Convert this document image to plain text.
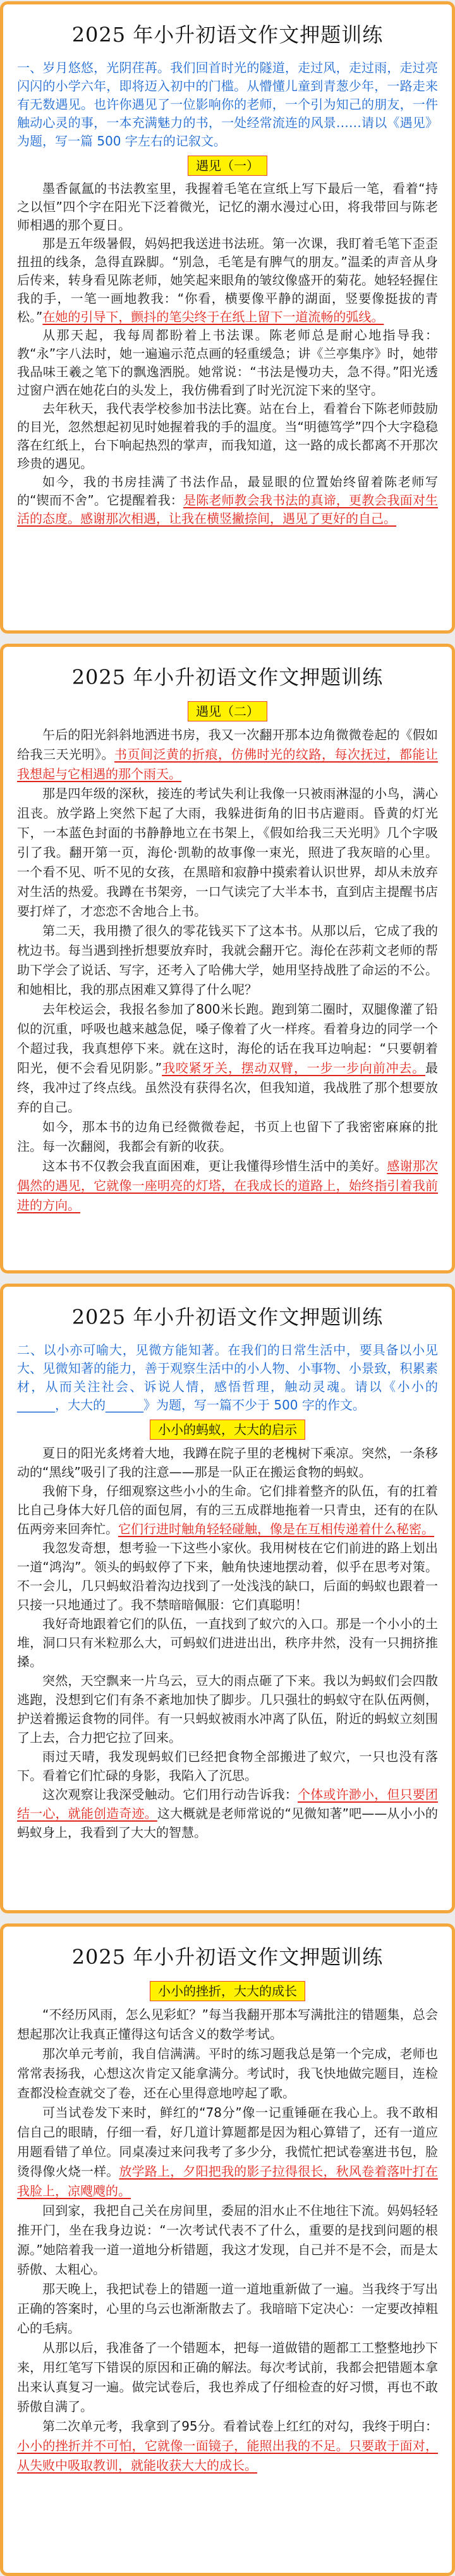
2025 年小升初语文作文押题训练

一、岁月悠悠，光阴荏苒。我们回首时光的隧道，走过风，走过雨，走过亮闪闪的小学六年，即将迈入初中的门槛。从懵懂儿童到青葱少年，一路走来有无数遇见。也许你遇见了一位影响你的老师，一个引为知己的朋友，一件触动心灵的事，一本充满魅力的书，一处经常流连的风景……请以《遇见》为题，写一篇 500 字左右的记叙文。

遇见（一）

墨香氤氲的书法教室里，我握着毛笔在宣纸上写下最后一笔，看着“持之以恒”四个字在阳光下泛着微光，记忆的潮水漫过心田，将我带回与陈老师相遇的那个夏日。

那是五年级暑假，妈妈把我送进书法班。第一次课，我盯着毛笔下歪歪扭扭的线条，急得直跺脚。“别急，毛笔是有脾气的朋友。”温柔的声音从身后传来，转身看见陈老师，她笑起来眼角的皱纹像盛开的菊花。她轻轻握住我的手，一笔一画地教我：“你看，横要像平静的湖面，竖要像挺拔的青松。”在她的引导下，颤抖的笔尖终于在纸上留下一道流畅的弧线。

从那天起，我每周都盼着上书法课。陈老师总是耐心地指导我：教“永”字八法时，她一遍遍示范点画的轻重缓急；讲《兰亭集序》时，她带我品味王羲之笔下的飘逸洒脱。她常说：“书法是慢功夫，急不得。”阳光透过窗户洒在她花白的头发上，我仿佛看到了时光沉淀下来的坚守。

去年秋天，我代表学校参加书法比赛。站在台上，看着台下陈老师鼓励的目光，忽然想起初见时她握着我的手的温度。当“明德笃学”四个大字稳稳落在红纸上，台下响起热烈的掌声，而我知道，这一路的成长都离不开那次珍贵的遇见。

如今，我的书房挂满了书法作品，最显眼的位置始终留着陈老师写的“锲而不舍”。它提醒着我：是陈老师教会我书法的真谛，更教会我面对生活的态度。感谢那次相遇，让我在横竖撇捺间，遇见了更好的自己。

2025 年小升初语文作文押题训练
遇见（二）

午后的阳光斜斜地洒进书房，我又一次翻开那本边角微微卷起的《假如给我三天光明》。书页间泛黄的折痕，仿佛时光的纹路，每次抚过，都能让我想起与它相遇的那个雨天。

那是四年级的深秋，接连的考试失利让我像一只被雨淋湿的小鸟，满心沮丧。放学路上突然下起了大雨，我躲进街角的旧书店避雨。昏黄的灯光下，一本蓝色封面的书静静地立在书架上，《假如给我三天光明》几个字吸引了我。翻开第一页，海伦·凯勒的故事像一束光，照进了我灰暗的心里。一个看不见、听不见的女孩，在黑暗和寂静中摸索着认识世界，却从未放弃对生活的热爱。我蹲在书架旁，一口气读完了大半本书，直到店主提醒书店要打烊了，才恋恋不舍地合上书。

第二天，我用攒了很久的零花钱买下了这本书。从那以后，它成了我的枕边书。每当遇到挫折想要放弃时，我就会翻开它。海伦在莎莉文老师的帮助下学会了说话、写字，还考入了哈佛大学，她用坚持战胜了命运的不公。和她相比，我的那点困难又算得了什么呢？

去年校运会，我报名参加了800米长跑。跑到第二圈时，双腿像灌了铅似的沉重，呼吸也越来越急促，嗓子像着了火一样疼。看着身边的同学一个个超过我，我真想停下来。就在这时，海伦的话在我耳边响起：“只要朝着阳光，便不会看见阴影。”我咬紧牙关，摆动双臂，一步一步向前冲去。最终，我冲过了终点线。虽然没有获得名次，但我知道，我战胜了那个想要放弃的自己。

如今，那本书的边角已经微微卷起，书页上也留下了我密密麻麻的批注。每一次翻阅，我都会有新的收获。

这本书不仅教会我直面困难，更让我懂得珍惜生活中的美好。感谢那次偶然的遇见，它就像一座明亮的灯塔，在我成长的道路上，始终指引着我前进的方向。

2025 年小升初语文作文押题训练

二、以小亦可喻大，见微方能知著。在我们的日常生活中，要具备以小见大、见微知著的能力，善于观察生活中的小人物、小事物、小景致，积累素材，从而关注社会、诉说人情，感悟哲理，触动灵魂。请以《小小的______，大大的______》为题，写一篇不少于 500 字的作文。

小小的蚂蚁，大大的启示

夏日的阳光炙烤着大地，我蹲在院子里的老槐树下乘凉。突然，一条移动的“黑线”吸引了我的注意——那是一队正在搬运食物的蚂蚁。

我俯下身，仔细观察这些小小的生命。它们排着整齐的队伍，有的扛着比自己身体大好几倍的面包屑，有的三五成群地拖着一只青虫，还有的在队伍两旁来回奔忙。它们行进时触角轻轻碰触，像是在互相传递着什么秘密。

我忽发奇想，想考验一下这些小家伙。我用树枝在它们前进的路上划出一道“鸿沟”。领头的蚂蚁停了下来，触角快速地摆动着，似乎在思考对策。不一会儿，几只蚂蚁沿着沟边找到了一处浅浅的缺口，后面的蚂蚁也跟着一只接一只地通过了。我不禁暗暗佩服：它们真聪明！

我好奇地跟着它们的队伍，一直找到了蚁穴的入口。那是一个小小的土堆，洞口只有米粒那么大，可蚂蚁们进进出出，秩序井然，没有一只拥挤推搡。

突然，天空飘来一片乌云，豆大的雨点砸了下来。我以为蚂蚁们会四散逃跑，没想到它们有条不紊地加快了脚步。几只强壮的蚂蚁守在队伍两侧，护送着搬运食物的同伴。有一只蚂蚁被雨水冲离了队伍，附近的蚂蚁立刻围了上去，合力把它拉了回来。

雨过天晴，我发现蚂蚁们已经把食物全部搬进了蚁穴，一只也没有落下。看着它们忙碌的身影，我陷入了沉思。

这次观察让我深受触动。它们用行动告诉我：个体或许渺小，但只要团结一心，就能创造奇迹。这大概就是老师常说的“见微知著”吧——从小小的蚂蚁身上，我看到了大大的智慧。

2025 年小升初语文作文押题训练
小小的挫折，大大的成长

“不经历风雨，怎么见彩虹？”每当我翻开那本写满批注的错题集，总会想起那次让我真正懂得这句话含义的数学考试。

那次单元考前，我自信满满。平时的练习题我总是第一个完成，老师也常常表扬我，心想这次肯定又能拿满分。考试时，我飞快地做完题目，连检查都没检查就交了卷，还在心里得意地哼起了歌。

可当试卷发下来时，鲜红的“78分”像一记重锤砸在我心上。我不敢相信自己的眼睛，仔细一看，好几道计算题都是因为粗心算错了，还有一道应用题看错了单位。同桌凑过来问我考了多少分，我慌忙把试卷塞进书包，脸烫得像火烧一样。放学路上，夕阳把我的影子拉得很长，秋风卷着落叶打在我脸上，凉飕飕的。

回到家，我把自己关在房间里，委屈的泪水止不住地往下流。妈妈轻轻推开门，坐在我身边说：“一次考试代表不了什么，重要的是找到问题的根源。”她陪着我一道一道地分析错题，我这才发现，自己并不是不会，而是太骄傲、太粗心。

那天晚上，我把试卷上的错题一道一道地重新做了一遍。当我终于写出正确的答案时，心里的乌云也渐渐散去了。我暗暗下定决心：一定要改掉粗心的毛病。

从那以后，我准备了一个错题本，把每一道做错的题都工工整整地抄下来，用红笔写下错误的原因和正确的解法。每次考试前，我都会把错题本拿出来认真复习一遍。做完试卷后，我也养成了仔细检查的好习惯，再也不敢骄傲自满了。

第二次单元考，我拿到了95分。看着试卷上红红的对勾，我终于明白：小小的挫折并不可怕，它就像一面镜子，能照出我的不足。只要敢于面对，从失败中吸取教训，就能收获大大的成长。
